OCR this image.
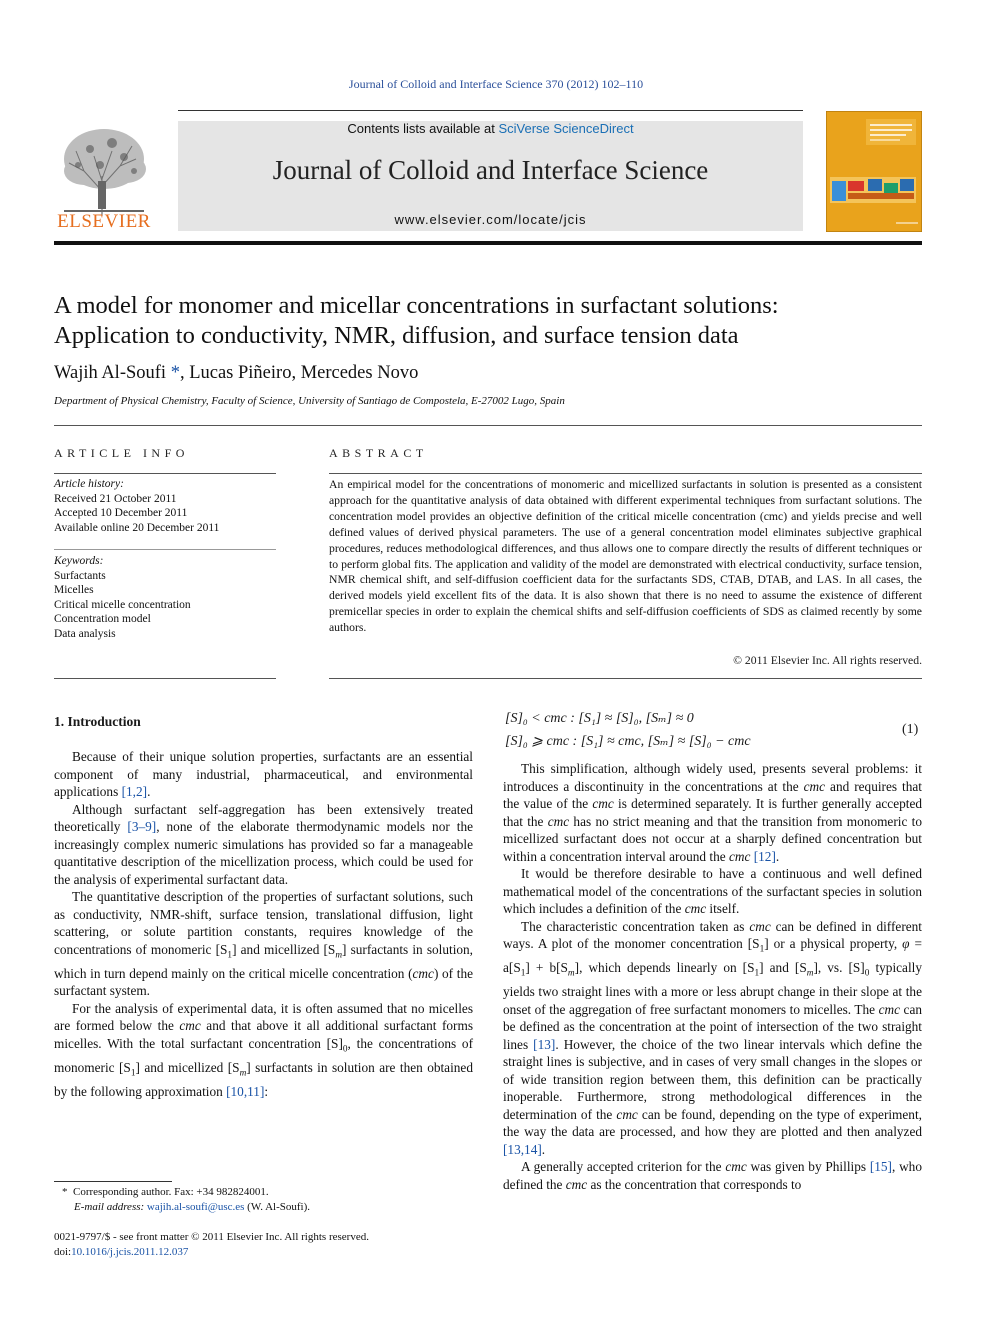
Journal of Colloid and Interface Science 370 (2012) 102–110
ELSEVIER
Contents lists available at SciVerse ScienceDirect
Journal of Colloid and Interface Science
www.elsevier.com/locate/jcis
A model for monomer and micellar concentrations in surfactant solutions:
Application to conductivity, NMR, diffusion, and surface tension data
Wajih Al-Soufi *, Lucas Piñeiro, Mercedes Novo
Department of Physical Chemistry, Faculty of Science, University of Santiago de Compostela, E-27002 Lugo, Spain
ARTICLE INFO
Article history:
Received 21 October 2011
Accepted 10 December 2011
Available online 20 December 2011
Keywords:
Surfactants
Micelles
Critical micelle concentration
Concentration model
Data analysis
ABSTRACT
An empirical model for the concentrations of monomeric and micellized surfactants in solution is presented as a consistent approach for the quantitative analysis of data obtained with different experimental techniques from surfactant solutions. The concentration model provides an objective definition of the critical micelle concentration (cmc) and yields precise and well defined values of derived physical parameters. The use of a general concentration model eliminates subjective graphical procedures, reduces methodological differences, and thus allows one to compare directly the results of different techniques or to perform global fits. The application and validity of the model are demonstrated with electrical conductivity, surface tension, NMR chemical shift, and self-diffusion coefficient data for the surfactants SDS, CTAB, DTAB, and LAS. In all cases, the derived models yield excellent fits of the data. It is also shown that there is no need to assume the existence of different premicellar species in order to explain the chemical shifts and self-diffusion coefficients of SDS as claimed recently by some authors.
© 2011 Elsevier Inc. All rights reserved.
1. Introduction

Because of their unique solution properties, surfactants are an essential component of many industrial, pharmaceutical, and environmental applications [1,2].

Although surfactant self-aggregation has been extensively treated theoretically [3–9], none of the elaborate thermodynamic models nor the increasingly complex numeric simulations has provided so far a manageable quantitative description of the micellization process, which could be used for the analysis of experimental surfactant data.

The quantitative description of the properties of surfactant solutions, such as conductivity, NMR-shift, surface tension, translational diffusion, light scattering, or solute partition constants, requires knowledge of the concentrations of monomeric $[S_1]$ and micellized $[S_m]$ surfactants in solution, which in turn depend mainly on the critical micelle concentration (cmc) of the surfactant system.

For the analysis of experimental data, it is often assumed that no micelles are formed below the cmc and that above it all additional surfactant forms micelles. With the total surfactant concentration $[S]_0$, the concentrations of monomeric $[S_1]$ and micellized $[S_m]$ surfactants in solution are then obtained by the following approximation [10,11]:

* Corresponding author. Fax: +34 982824001.
E-mail address: wajih.al-soufi@usc.es (W. Al-Soufi).
0021-9797/$ - see front matter © 2011 Elsevier Inc. All rights reserved.
doi:10.1016/j.jcis.2011.12.037
[S]₀ < cmc : [S₁] ≈ [S]₀, [Sₘ] ≈ 0
[S]₀ ⩾ cmc : [S₁] ≈ cmc, [Sₘ] ≈ [S]₀ − cmc
(1)

This simplification, although widely used, presents several problems: it introduces a discontinuity in the concentrations at the cmc and requires that the value of the cmc is determined separately. It is further generally accepted that the cmc has no strict meaning and that the transition from monomeric to micellized surfactant does not occur at a sharply defined concentration but within a concentration interval around the cmc [12].

It would be therefore desirable to have a continuous and well defined mathematical model of the concentrations of the surfactant species in solution which includes a definition of the cmc itself.

The characteristic concentration taken as cmc can be defined in different ways. A plot of the monomer concentration $[S_1]$ or a physical property, $\varphi = a[S_1] + b[S_m]$, which depends linearly on $[S_1]$ and $[S_m]$, vs. $[S]_0$ typically yields two straight lines with a more or less abrupt change in their slope at the onset of the aggregation of free surfactant monomers to micelles. The cmc can be defined as the concentration at the point of intersection of the two straight lines [13]. However, the choice of the two linear intervals which define the straight lines is subjective, and in cases of very small changes in the slopes or of wide transition region between them, this definition can be practically inoperable. Furthermore, strong methodological differences in the determination of the cmc can be found, depending on the type of experiment, the way the data are processed, and how they are plotted and then analyzed [13,14].

A generally accepted criterion for the cmc was given by Phillips [15], who defined the cmc as the concentration that corresponds to
